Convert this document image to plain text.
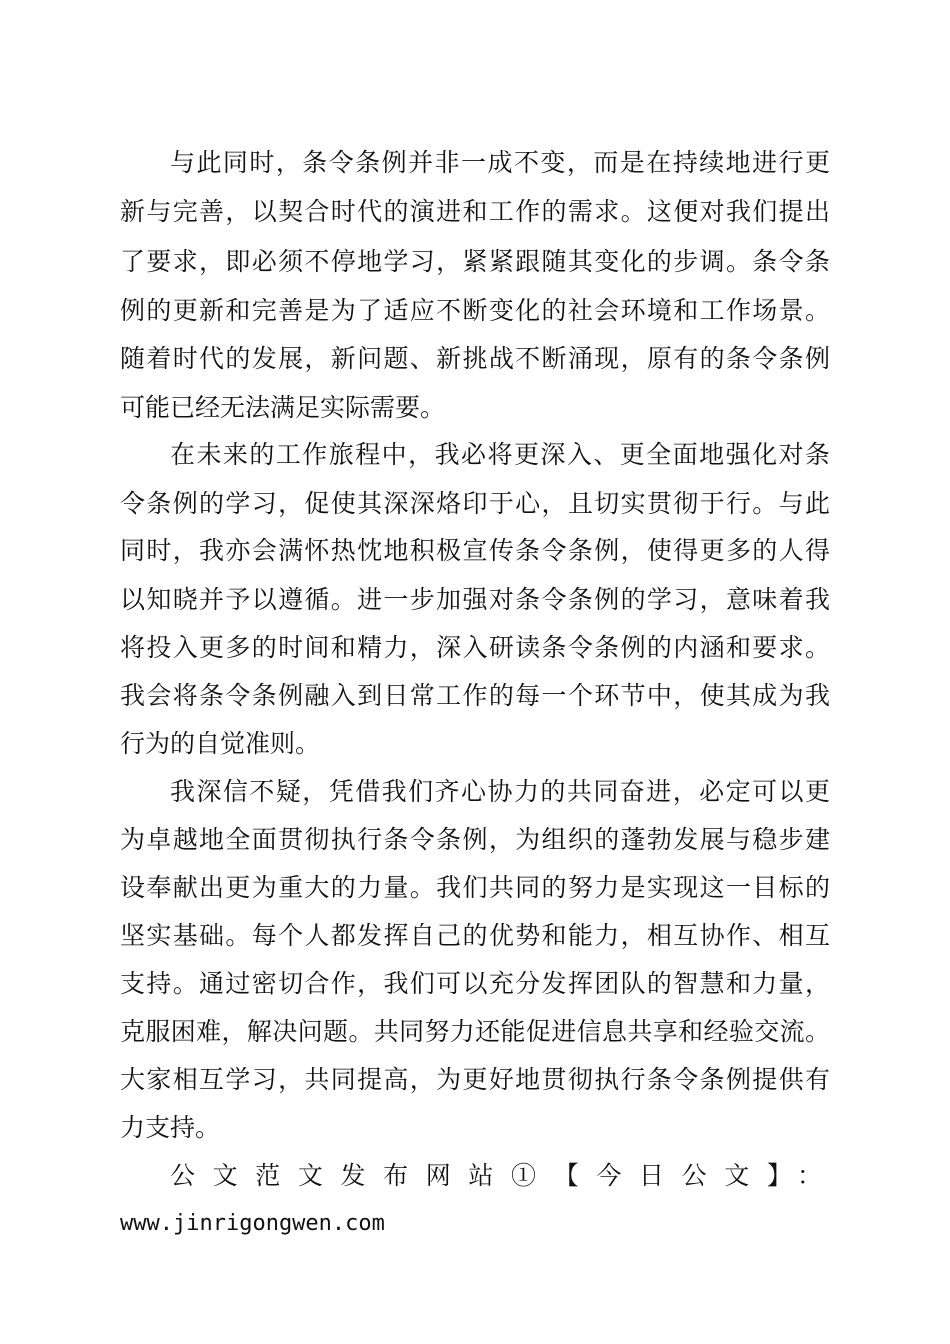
与此同时，条令条例并非一成不变，而是在持续地进行更
新与完善，以契合时代的演进和工作的需求。这便对我们提出
了要求，即必须不停地学习，紧紧跟随其变化的步调。条令条
例的更新和完善是为了适应不断变化的社会环境和工作场景。
随着时代的发展，新问题、新挑战不断涌现，原有的条令条例
可能已经无法满足实际需要。
在未来的工作旅程中，我必将更深入、更全面地强化对条
令条例的学习，促使其深深烙印于心，且切实贯彻于行。与此
同时，我亦会满怀热忱地积极宣传条令条例，使得更多的人得
以知晓并予以遵循。进一步加强对条令条例的学习，意味着我
将投入更多的时间和精力，深入研读条令条例的内涵和要求。
我会将条令条例融入到日常工作的每一个环节中，使其成为我
行为的自觉准则。
我深信不疑，凭借我们齐心协力的共同奋进，必定可以更
为卓越地全面贯彻执行条令条例，为组织的蓬勃发展与稳步建
设奉献出更为重大的力量。我们共同的努力是实现这一目标的
坚实基础。每个人都发挥自己的优势和能力，相互协作、相互
支持。通过密切合作，我们可以充分发挥团队的智慧和力量，
克服困难，解决问题。共同努力还能促进信息共享和经验交流。
大家相互学习，共同提高，为更好地贯彻执行条令条例提供有
力支持。
公文范文发布网站①【今日公文】：
www.jinrigongwen.com
